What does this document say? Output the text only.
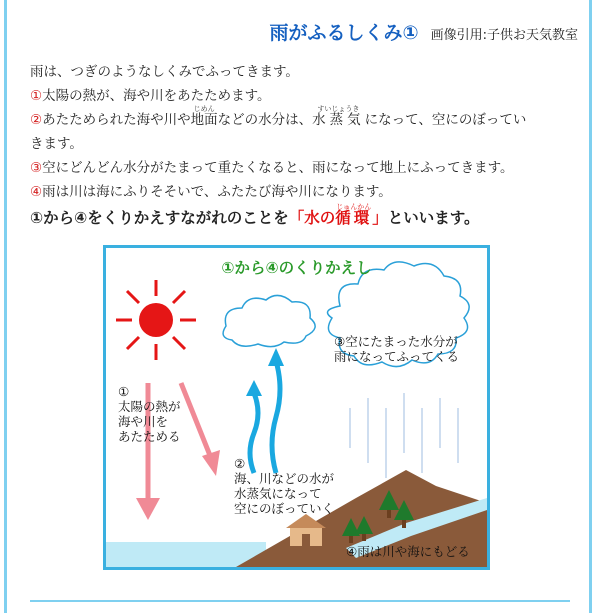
雨がふるしくみ① 画像引用:子供お天気教室
雨は、つぎのようなしくみでふってきます。
①太陽の熱が、海や川をあたためます。
②あたためられた海や川や
じめん
地面などの水分は、
すいじょうき
水蒸気になって、空にのぼってい
きます。
③空にどんどん水分がたまって重たくなると、雨になって地上にふってきます。
④雨は川は海にふりそそいで、ふたたび海や川になります。
①から④をくりかえすながれのことを「水の
じゅんかん
循環」といいます。
①から④のくりかえし
①
太陽の熱が
海や川を
あたためる
②
海、川などの水が
水蒸気になって
空にのぼっていく
③空にたまった水分が
雨になってふってくる
④雨は川や海にもどる
